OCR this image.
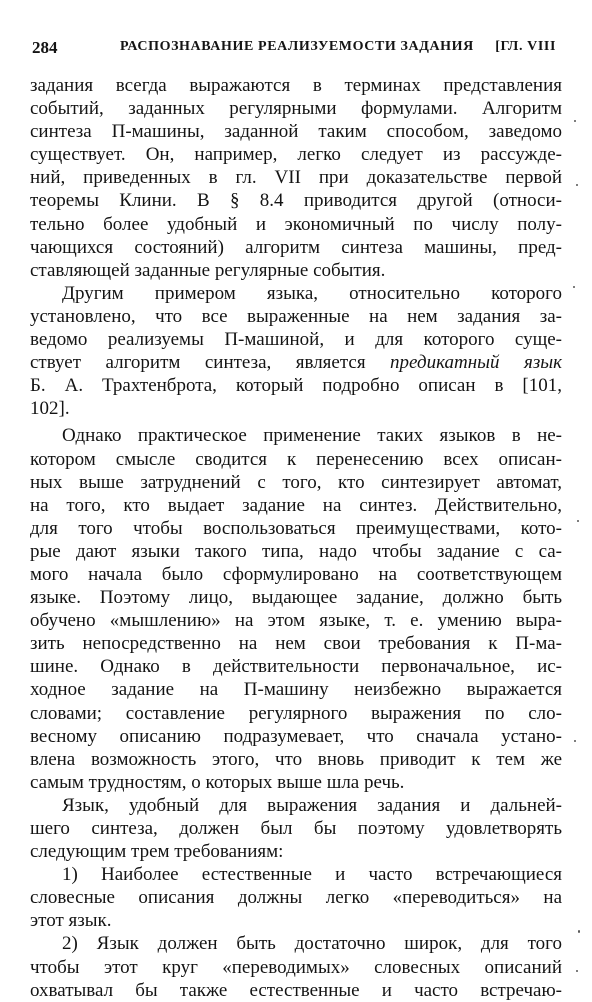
284	РАСПОЗНАВАНИЕ РЕАЛИЗУЕМОСТИ ЗАДАНИЯ [ГЛ. VIII
задания всегда выражаются в терминах представления
событий, заданных регулярными формулами. Алгоритм
синтеза П-машины, заданной таким способом, заведомо
существует. Он, например, легко следует из рассужде-
ний, приведенных в гл. VII при доказательстве первой
теоремы Клини. В § 8.4 приводится другой (относи-
тельно более удобный и экономичный по числу полу-
чающихся состояний) алгоритм синтеза машины, пред-
ставляющей заданные регулярные события.
Другим примером языка, относительно которого
установлено, что все выраженные на нем задания за-
ведомо реализуемы П-машиной, и для которого суще-
ствует алгоритм синтеза, является предикатный язык
Б. А. Трахтенброта, который подробно описан в [101,
102].
Однако практическое применение таких языков в не-
котором смысле сводится к перенесению всех описан-
ных выше затруднений с того, кто синтезирует автомат,
на того, кто выдает задание на синтез. Действительно,
для того чтобы воспользоваться преимуществами, кото-
рые дают языки такого типа, надо чтобы задание с са-
мого начала было сформулировано на соответствующем
языке. Поэтому лицо, выдающее задание, должно быть
обучено «мышлению» на этом языке, т. е. умению выра-
зить непосредственно на нем свои требования к П-ма-
шине. Однако в действительности первоначальное, ис-
ходное задание на П-машину неизбежно выражается
словами; составление регулярного выражения по сло-
весному описанию подразумевает, что сначала устано-
влена возможность этого, что вновь приводит к тем же
самым трудностям, о которых выше шла речь.
Язык, удобный для выражения задания и дальней-
шего синтеза, должен был бы поэтому удовлетворять
следующим трем требованиям:
1) Наиболее естественные и часто встречающиеся
словесные описания должны легко «переводиться» на
этот язык.
2) Язык должен быть достаточно широк, для того
чтобы этот круг «переводимых» словесных описаний
охватывал бы также естественные и часто встречаю-
